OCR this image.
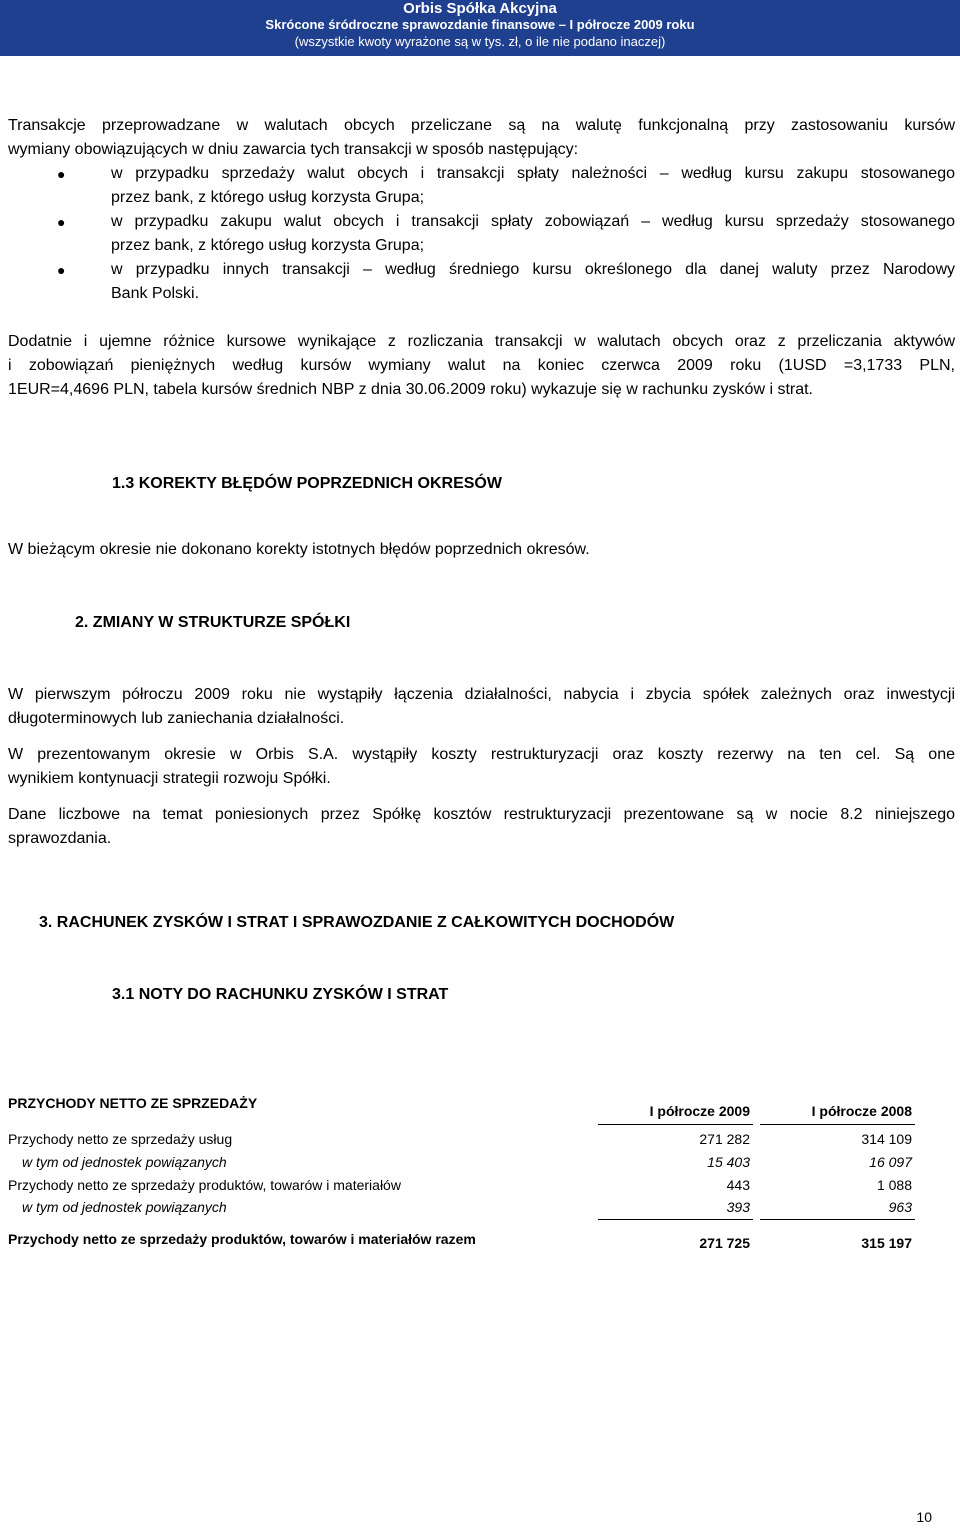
Orbis Spółka Akcyjna
Skrócone śródroczne sprawozdanie finansowe – I półrocze 2009 roku
(wszystkie kwoty wyrażone są w tys. zł, o ile nie podano inaczej)
Transakcje przeprowadzane w walutach obcych przeliczane są na walutę funkcjonalną przy zastosowaniu kursów
wymiany obowiązujących w dniu zawarcia tych transakcji w sposób następujący:
●	w przypadku sprzedaży walut obcych i transakcji spłaty należności – według kursu zakupu stosowanego
przez bank, z którego usług korzysta Grupa;
●	w przypadku zakupu walut obcych i transakcji spłaty zobowiązań – według kursu sprzedaży stosowanego
przez bank, z którego usług korzysta Grupa;
●	w przypadku innych transakcji – według średniego kursu określonego dla danej waluty przez Narodowy
Bank Polski.
Dodatnie i ujemne różnice kursowe wynikające z rozliczania transakcji w walutach obcych oraz z przeliczania aktywów
i zobowiązań pieniężnych według kursów wymiany walut na koniec czerwca 2009 roku (1USD =3,1733 PLN,
1EUR=4,4696 PLN, tabela kursów średnich NBP z dnia 30.06.2009 roku) wykazuje się w rachunku zysków i strat.
1.3 KOREKTY BŁĘDÓW POPRZEDNICH OKRESÓW
W bieżącym okresie nie dokonano korekty istotnych błędów poprzednich okresów.
2. ZMIANY W STRUKTURZE SPÓŁKI
W pierwszym półroczu 2009 roku nie wystąpiły łączenia działalności, nabycia i zbycia spółek zależnych oraz inwestycji
długoterminowych lub zaniechania działalności.
W prezentowanym okresie w Orbis S.A. wystąpiły koszty restrukturyzacji oraz koszty rezerwy na ten cel. Są one
wynikiem kontynuacji strategii rozwoju Spółki.
Dane liczbowe na temat poniesionych przez Spółkę kosztów restrukturyzacji prezentowane są w nocie 8.2 niniejszego
sprawozdania.
3. RACHUNEK ZYSKÓW I STRAT I SPRAWOZDANIE Z CAŁKOWITYCH DOCHODÓW
3.1 NOTY DO RACHUNKU ZYSKÓW I STRAT
PRZYCHODY NETTO ZE SPRZEDAŻY	I półrocze 2009	I półrocze 2008
Przychody netto ze sprzedaży usług	271 282	314 109
w tym od jednostek powiązanych	15 403	16 097
Przychody netto ze sprzedaży produktów, towarów i materiałów	443	1 088
w tym od jednostek powiązanych	393	963
Przychody netto ze sprzedaży produktów, towarów i materiałów razem	271 725	315 197
10
